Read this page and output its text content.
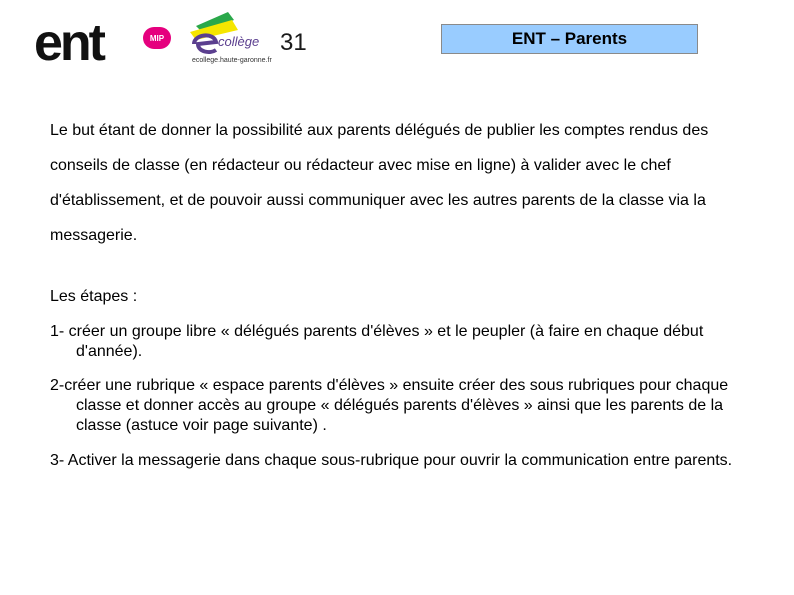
ent	MIP	collège 31
ecollege.haute-garonne.fr
ENT – Parents

Le but étant de donner la possibilité aux parents délégués de publier les comptes rendus des conseils de classe (en rédacteur ou rédacteur avec mise en ligne) à valider avec le chef d'établissement, et de pouvoir aussi communiquer avec les autres parents de la classe via la messagerie.

Les étapes :

1- créer un groupe libre « délégués parents d'élèves » et le peupler (à faire en chaque début d'année).

2-créer une rubrique « espace parents d'élèves » ensuite créer des sous rubriques pour chaque classe et donner accès au groupe « délégués parents d'élèves » ainsi que les parents de la classe (astuce voir page suivante) .

3- Activer la messagerie dans chaque sous-rubrique pour ouvrir la communication entre parents.
